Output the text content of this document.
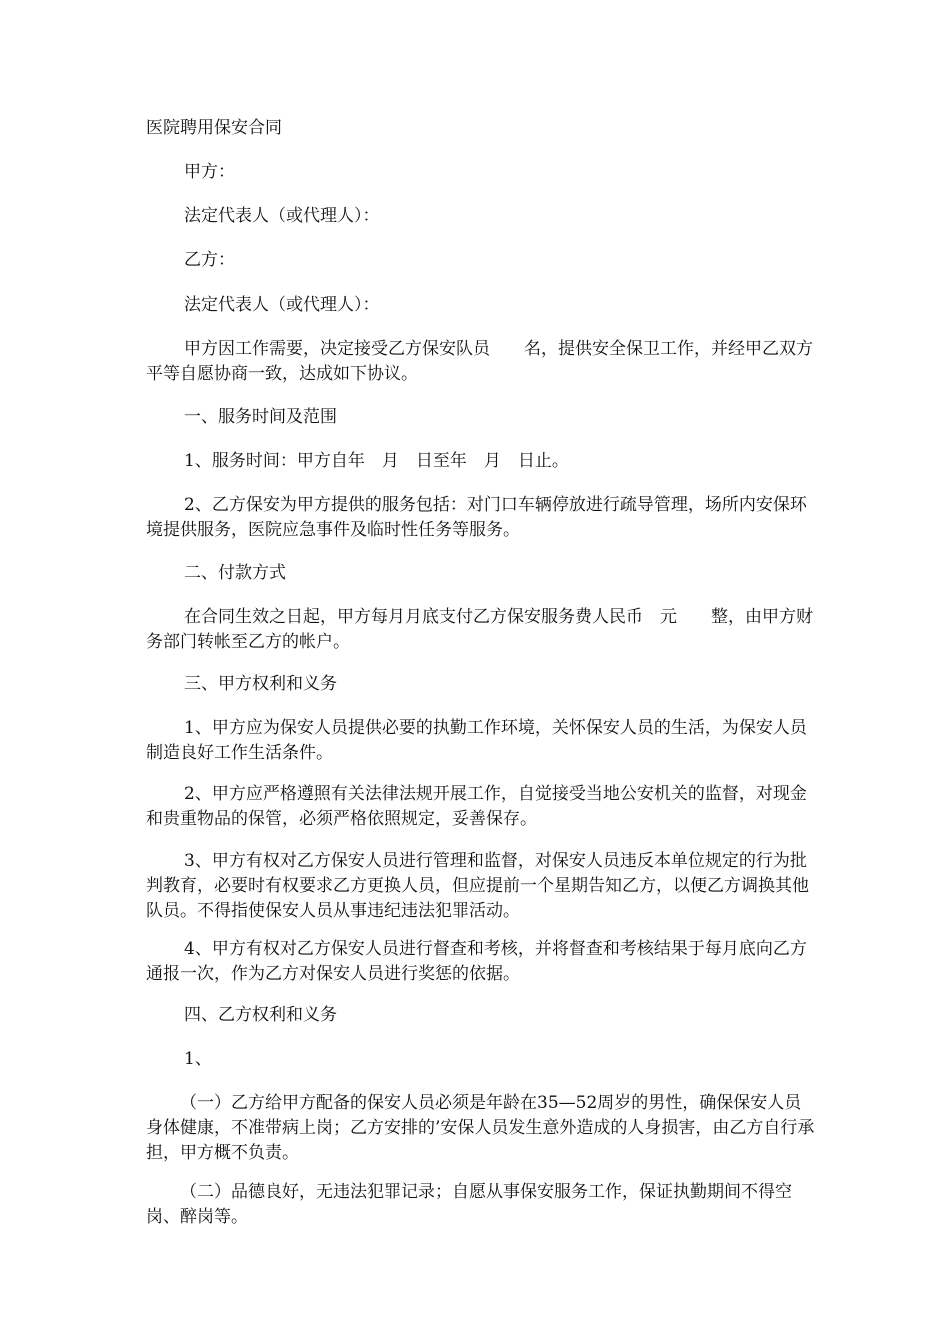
医院聘用保安合同

甲方：

法定代表人（或代理人）：

乙方：

法定代表人（或代理人）：

甲方因工作需要，决定接受乙方保安队员　　名，提供安全保卫工作，并经甲乙双方平等自愿协商一致，达成如下协议。

一、服务时间及范围

1、服务时间：甲方自年　月　日至年　月　日止。

2、乙方保安为甲方提供的服务包括：对门口车辆停放进行疏导管理，场所内安保环境提供服务，医院应急事件及临时性任务等服务。

二、付款方式

在合同生效之日起，甲方每月月底支付乙方保安服务费人民币　元　　整，由甲方财务部门转帐至乙方的帐户。

三、甲方权利和义务

1、甲方应为保安人员提供必要的执勤工作环境，关怀保安人员的生活，为保安人员制造良好工作生活条件。

2、甲方应严格遵照有关法律法规开展工作，自觉接受当地公安机关的监督，对现金和贵重物品的保管，必须严格依照规定，妥善保存。

3、甲方有权对乙方保安人员进行管理和监督，对保安人员违反本单位规定的行为批判教育，必要时有权要求乙方更换人员，但应提前一个星期告知乙方，以便乙方调换其他队员。不得指使保安人员从事违纪违法犯罪活动。

4、甲方有权对乙方保安人员进行督查和考核，并将督查和考核结果于每月底向乙方通报一次，作为乙方对保安人员进行奖惩的依据。

四、乙方权利和义务

1、

（一）乙方给甲方配备的保安人员必须是年龄在35—52周岁的男性，确保保安人员身体健康，不准带病上岗；乙方安排的’安保人员发生意外造成的人身损害，由乙方自行承担，甲方概不负责。

（二）品德良好，无违法犯罪记录；自愿从事保安服务工作，保证执勤期间不得空岗、醉岗等。
